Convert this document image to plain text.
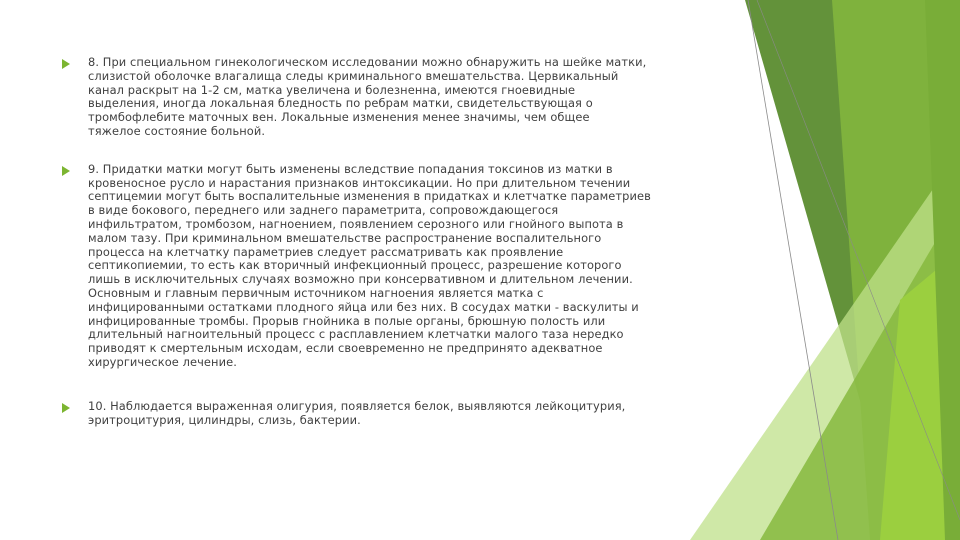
8. При специальном гинекологическом исследовании можно обнаружить на шейке матки,
слизистой оболочке влагалища следы криминального вмешательства. Цервикальный
канал раскрыт на 1-2 см, матка увеличена и болезненна, имеются гноевидные
выделения, иногда локальная бледность по ребрам матки, свидетельствующая о
тромбофлебите маточных вен. Локальные изменения менее значимы, чем общее
тяжелое состояние больной.
9. Придатки матки могут быть изменены вследствие попадания токсинов из матки в
кровеносное русло и нарастания признаков интоксикации. Но при длительном течении
септицемии могут быть воспалительные изменения в придатках и клетчатке параметриев
в виде бокового, переднего или заднего параметрита, сопровождающегося
инфильтратом, тромбозом, нагноением, появлением серозного или гнойного выпота в
малом тазу. При криминальном вмешательстве распространение воспалительного
процесса на клетчатку параметриев следует рассматривать как проявление
септикопиемии, то есть как вторичный инфекционный процесс, разрешение которого
лишь в исключительных случаях возможно при консервативном и длительном лечении.
Основным и главным первичным источником нагноения является матка с
инфицированными остатками плодного яйца или без них. В сосудах матки - васкулиты и
инфицированные тромбы. Прорыв гнойника в полые органы, брюшную полость или
длительный нагноительный процесс с расплавлением клетчатки малого таза нередко
приводят к смертельным исходам, если своевременно не предпринято адекватное
хирургическое лечение.
10. Наблюдается выраженная олигурия, появляется белок, выявляются лейкоцитурия,
эритроцитурия, цилиндры, слизь, бактерии.
